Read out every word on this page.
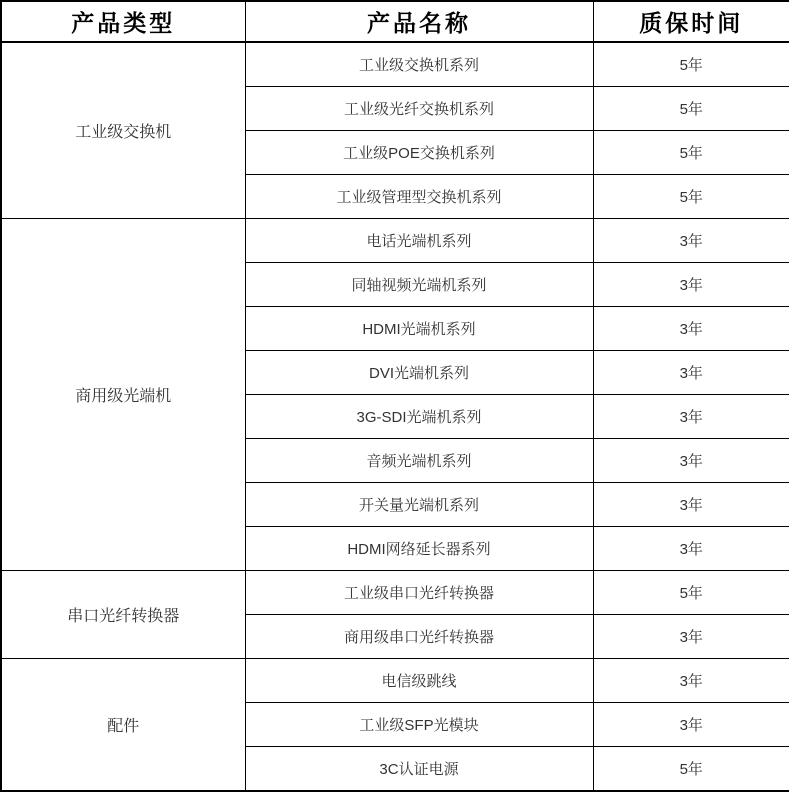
产品类型	产品名称	质保时间
工业级交换机	工业级交换机系列	5年
	工业级光纤交换机系列	5年
	工业级POE交换机系列	5年
	工业级管理型交换机系列	5年
商用级光端机	电话光端机系列	3年
	同轴视频光端机系列	3年
	HDMI光端机系列	3年
	DVI光端机系列	3年
	3G-SDI光端机系列	3年
	音频光端机系列	3年
	开关量光端机系列	3年
	HDMI网络延长器系列	3年
串口光纤转换器	工业级串口光纤转换器	5年
	商用级串口光纤转换器	3年
配件	电信级跳线	3年
	工业级SFP光模块	3年
	3C认证电源	5年
